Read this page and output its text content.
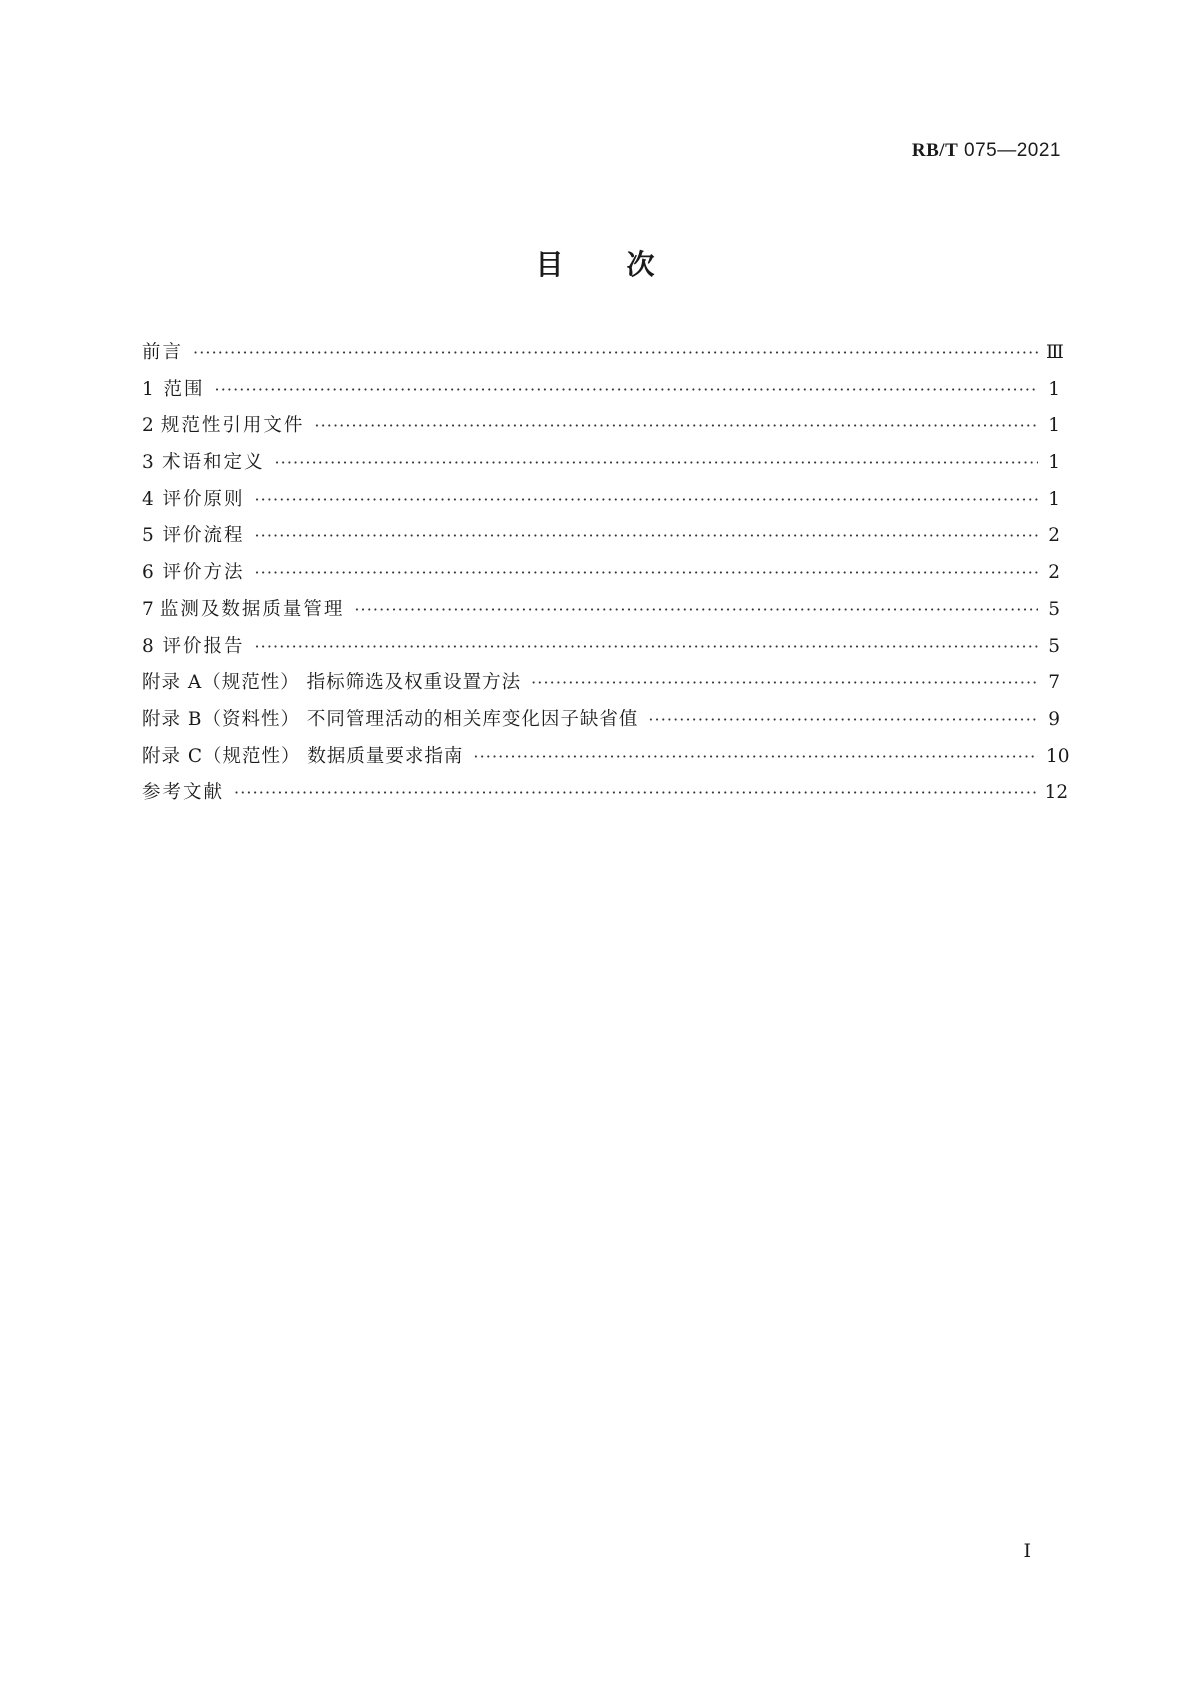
RB/T 075—2021
目 次
前言 ·····	Ⅲ
1 范围 ·····	1
2 规范性引用文件 ·····	1
3 术语和定义 ·····	1
4 评价原则 ·····	1
5 评价流程 ·····	2
6 评价方法 ·····	2
7 监测及数据质量管理 ·····	5
8 评价报告 ·····	5
附录 A（规范性） 指标筛选及权重设置方法 ·····	7
附录 B（资料性） 不同管理活动的相关库变化因子缺省值 ·····	9
附录 C（规范性） 数据质量要求指南 ·····	10
参考文献 ·····	12
I
